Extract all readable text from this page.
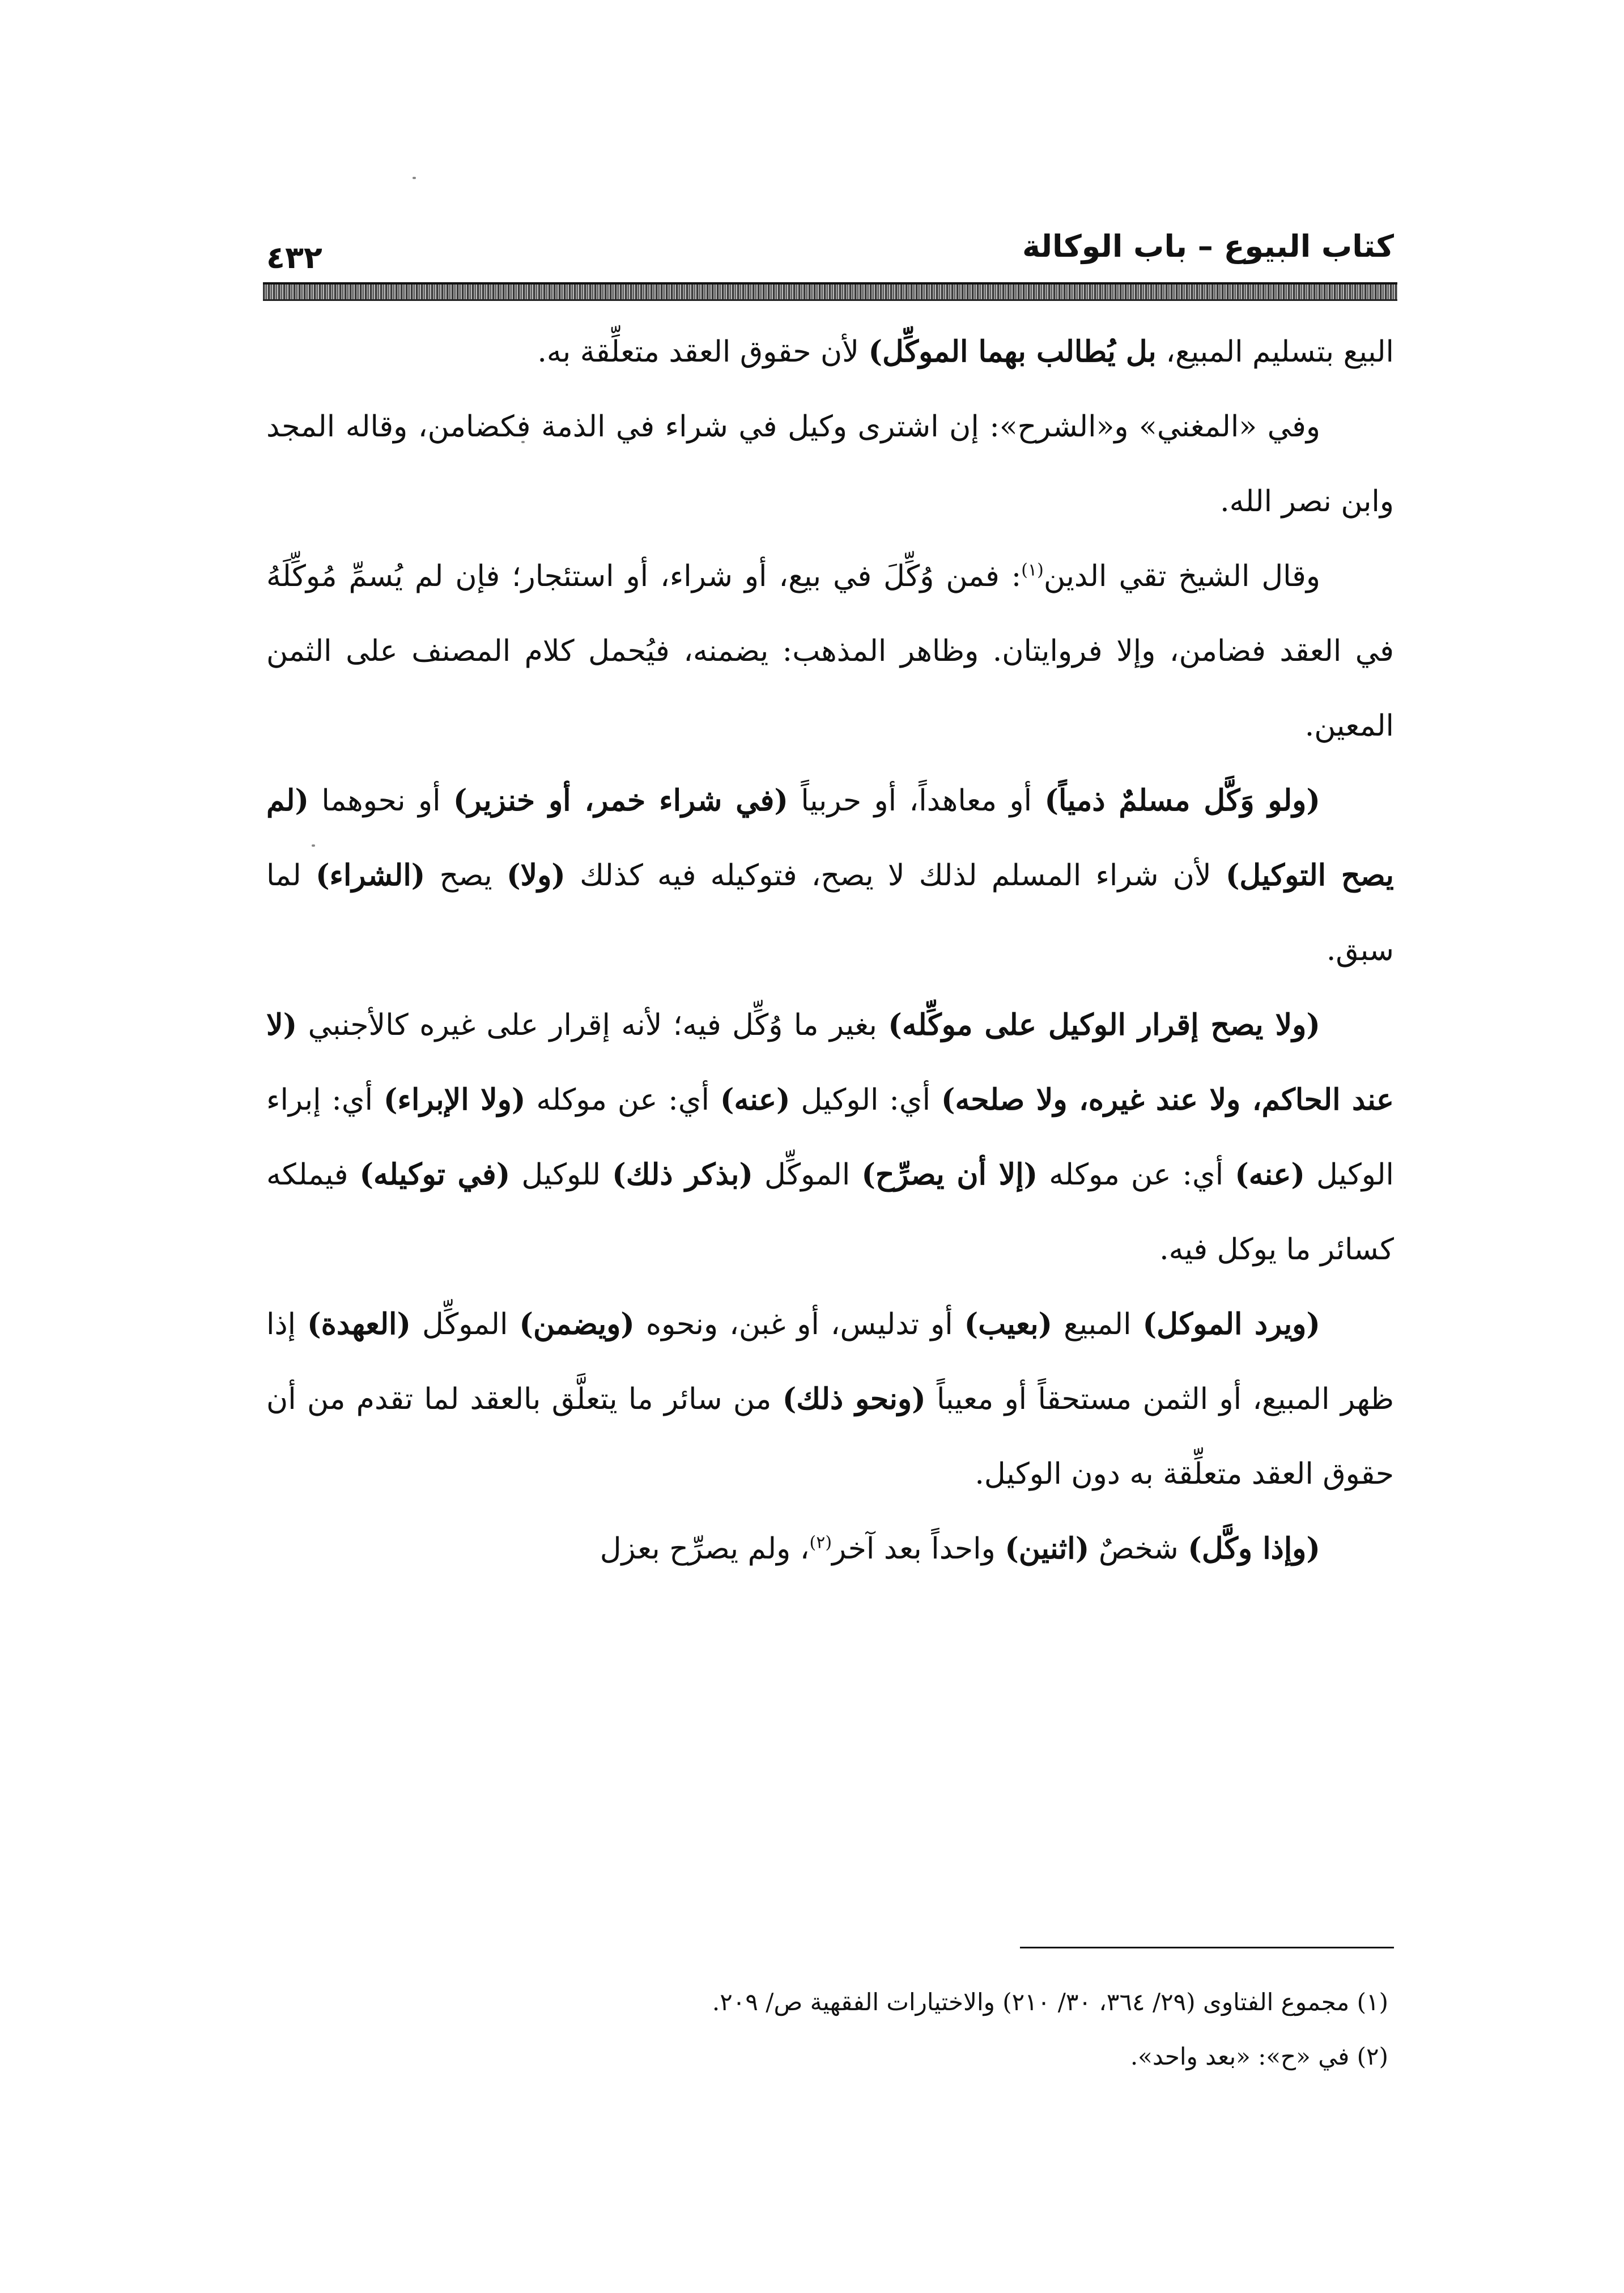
كتاب البيوع – باب الوكالة
٤٣٢

البيع بتسليم المبيع، بل يُطالب بهما الموكِّل) لأن حقوق العقد متعلِّقة به.

وفي «المغني» و«الشرح»: إن اشترى وكيل في شراء في الذمة فكضامن، وقاله المجد وابن نصر الله.

وقال الشيخ تقي الدين$^{(١)}$: فمن وُكِّلَ في بيع، أو شراء، أو استئجار؛ فإن لم يُسمِّ مُوكِّلَهُ في العقد فضامن، وإلا فروايتان. وظاهر المذهب: يضمنه، فيُحمل كلام المصنف على الثمن المعين.

(ولو وَكَّل مسلمٌ ذمياً) أو معاهداً، أو حربياً (في شراء خمر، أو خنزير) أو نحوهما (لم يصح التوكيل) لأن شراء المسلم لذلك لا يصح، فتوكيله فيه كذلك (ولا) يصح (الشراء) لما سبق.

(ولا يصح إقرار الوكيل على موكِّله) بغير ما وُكِّل فيه؛ لأنه إقرار على غيره كالأجنبي (لا عند الحاكم، ولا عند غيره، ولا صلحه) أي: الوكيل (عنه) أي: عن موكله (ولا الإبراء) أي: إبراء الوكيل (عنه) أي: عن موكله (إلا أن يصرِّح) الموكِّل (بذكر ذلك) للوكيل (في توكيله) فيملكه كسائر ما يوكل فيه.

(ويرد الموكل) المبيع (بعيب) أو تدليس، أو غبن، ونحوه (ويضمن) الموكِّل (العهدة) إذا ظهر المبيع، أو الثمن مستحقاً أو معيباً (ونحو ذلك) من سائر ما يتعلَّق بالعقد لما تقدم من أن حقوق العقد متعلِّقة به دون الوكيل.

(وإذا وكَّل) شخصٌ (اثنين) واحداً بعد آخر$^{(٢)}$، ولم يصرِّح بعزل

(١) مجموع الفتاوى (٢٩/ ٣٦٤، ٣٠/ ٢١٠) والاختيارات الفقهية ص/ ٢٠٩.

(٢) في «ح»: «بعد واحد».
